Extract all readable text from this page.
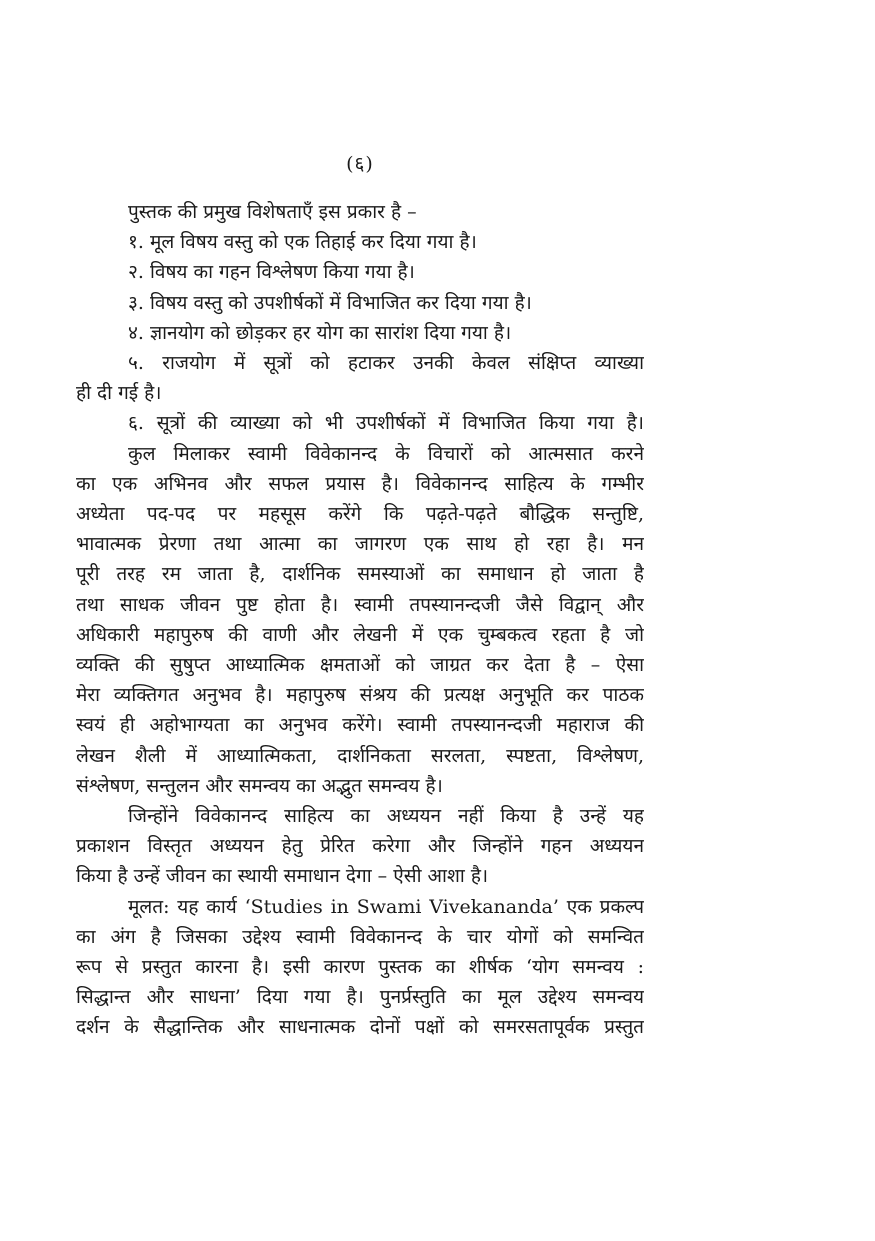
(६)
पुस्तक की प्रमुख विशेषताएँ इस प्रकार है –
१. मूल विषय वस्तु को एक तिहाई कर दिया गया है।
२. विषय का गहन विश्लेषण किया गया है।
३. विषय वस्तु को उपशीर्षकों में विभाजित कर दिया गया है।
४. ज्ञानयोग को छोड़कर हर योग का सारांश दिया गया है।
५. राजयोग में सूत्रों को हटाकर उनकी केवल संक्षिप्त व्याख्या
ही दी गई है।
६. सूत्रों की व्याख्या को भी उपशीर्षकों में विभाजित किया गया है।
कुल मिलाकर स्वामी विवेकानन्द के विचारों को आत्मसात करने
का एक अभिनव और सफल प्रयास है। विवेकानन्द साहित्य के गम्भीर
अध्येता पद-पद पर महसूस करेंगे कि पढ़ते-पढ़ते बौद्धिक सन्तुष्टि,
भावात्मक प्रेरणा तथा आत्मा का जागरण एक साथ हो रहा है। मन
पूरी तरह रम जाता है, दार्शनिक समस्याओं का समाधान हो जाता है
तथा साधक जीवन पुष्ट होता है। स्वामी तपस्यानन्दजी जैसे विद्वान् और
अधिकारी महापुरुष की वाणी और लेखनी में एक चुम्बकत्व रहता है जो
व्यक्ति की सुषुप्त आध्यात्मिक क्षमताओं को जाग्रत कर देता है – ऐसा
मेरा व्यक्तिगत अनुभव है। महापुरुष संश्रय की प्रत्यक्ष अनुभूति कर पाठक
स्वयं ही अहोभाग्यता का अनुभव करेंगे। स्वामी तपस्यानन्दजी महाराज की
लेखन शैली में आध्यात्मिकता, दार्शनिकता सरलता, स्पष्टता, विश्लेषण,
संश्लेषण, सन्तुलन और समन्वय का अद्भुत समन्वय है।
जिन्होंने विवेकानन्द साहित्य का अध्ययन नहीं किया है उन्हें यह
प्रकाशन विस्तृत अध्ययन हेतु प्रेरित करेगा और जिन्होंने गहन अध्ययन
किया है उन्हें जीवन का स्थायी समाधान देगा – ऐसी आशा है।
मूलत: यह कार्य ‘Studies in Swami Vivekananda’ एक प्रकल्प
का अंग है जिसका उद्देश्य स्वामी विवेकानन्द के चार योगों को समन्वित
रूप से प्रस्तुत कारना है। इसी कारण पुस्तक का शीर्षक ‘योग समन्वय :
सिद्धान्त और साधना’ दिया गया है। पुनर्प्रस्तुति का मूल उद्देश्य समन्वय
दर्शन के सैद्धान्तिक और साधनात्मक दोनों पक्षों को समरसतापूर्वक प्रस्तुत
